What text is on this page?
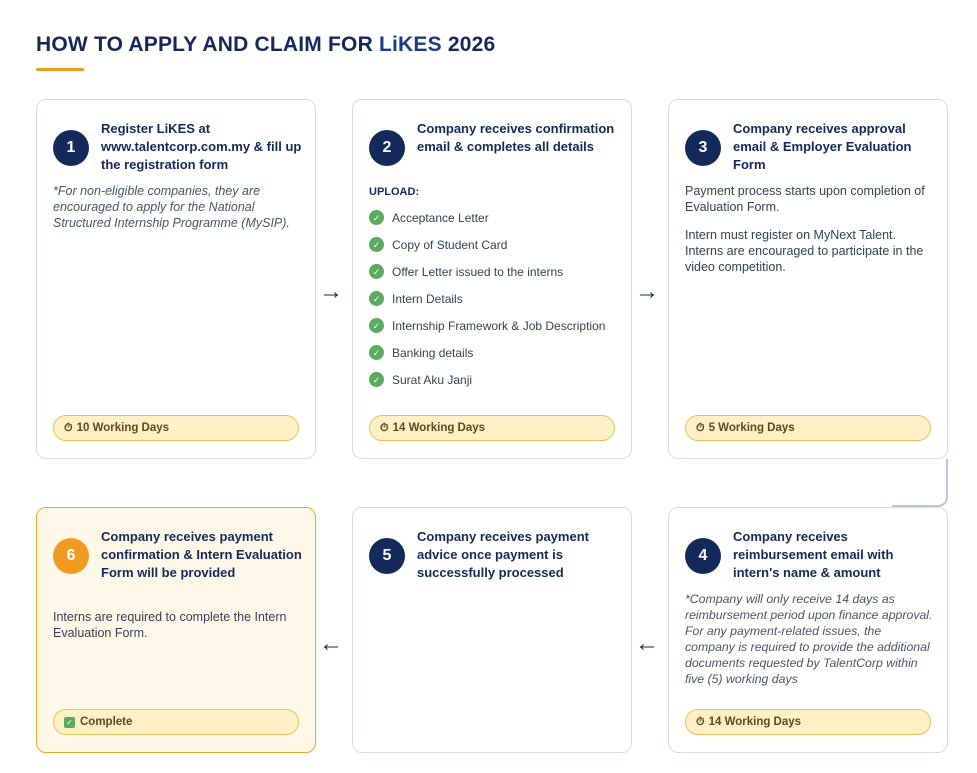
HOW TO APPLY AND CLAIM FOR LiKES 2026
1
Register LiKES at www.talentcorp.com.my & fill up the registration form
*For non-eligible companies, they are encouraged to apply for the National Structured Internship Programme (MySIP).
⏱ 10 Working Days
→
2
Company receives confirmation email & completes all details
UPLOAD:
✓ Acceptance Letter
✓ Copy of Student Card
✓ Offer Letter issued to the interns
✓ Intern Details
✓ Internship Framework & Job Description
✓ Banking details
✓ Surat Aku Janji
⏱ 14 Working Days
→
3
Company receives approval email & Employer Evaluation Form

Payment process starts upon completion of Evaluation Form.

Intern must register on MyNext Talent. Interns are encouraged to participate in the video competition.

⏱ 5 Working Days
6
Company receives payment confirmation & Intern Evaluation Form will be provided
Interns are required to complete the Intern Evaluation Form.
✓ Complete
←
5
Company receives payment advice once payment is successfully processed
←
4
Company receives reimbursement email with intern's name & amount
*Company will only receive 14 days as reimbursement period upon finance approval. For any payment-related issues, the company is required to provide the additional documents requested by TalentCorp within five (5) working days
⏱ 14 Working Days
